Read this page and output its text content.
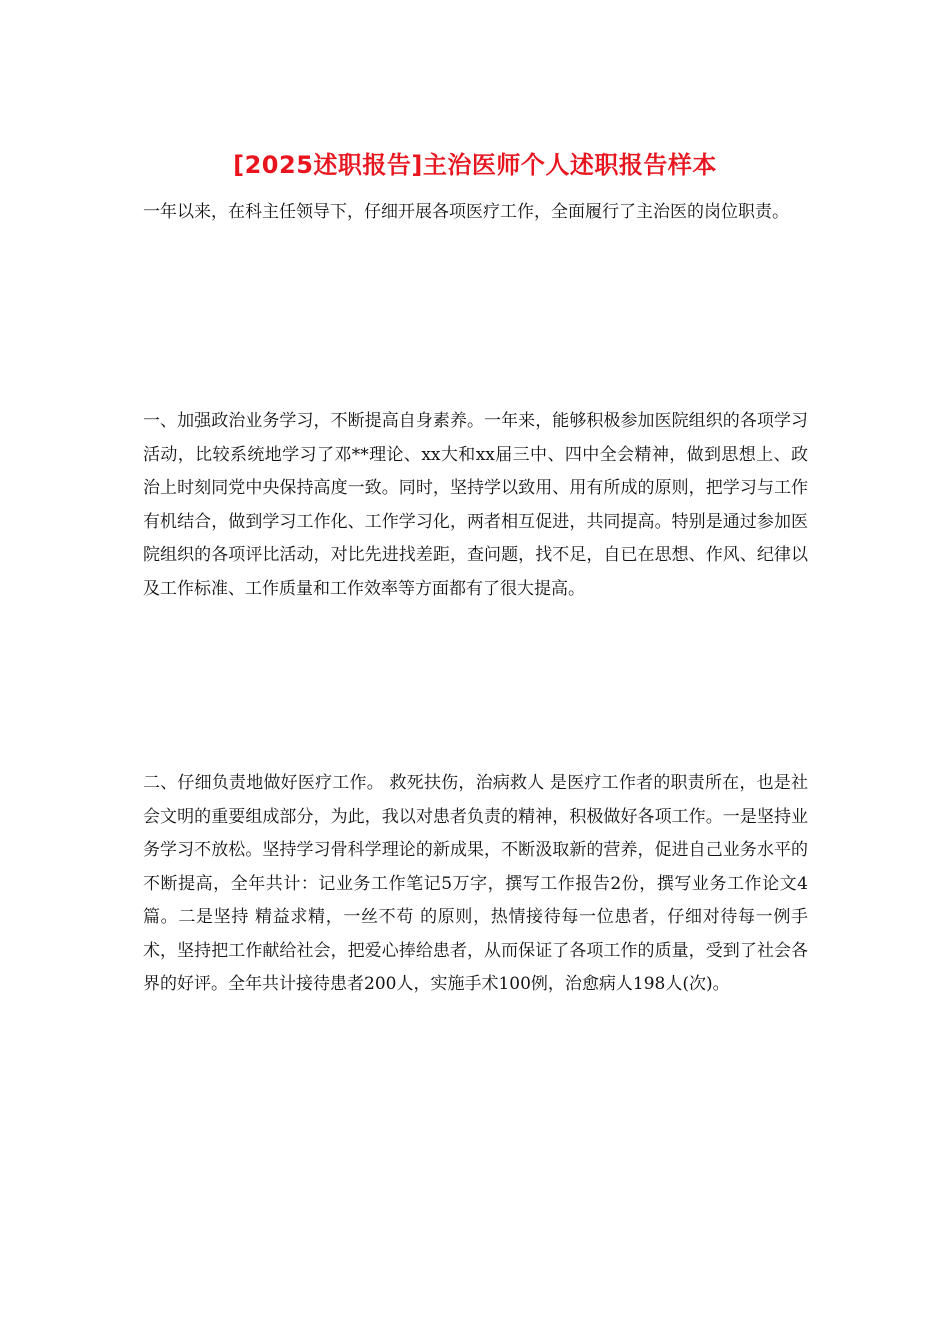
[2025述职报告]主治医师个人述职报告样本

一年以来，在科主任领导下，仔细开展各项医疗工作，全面履行了主治医的岗位职责。

一、加强政治业务学习，不断提高自身素养。一年来，能够积极参加医院组织的各项学习活动，比较系统地学习了邓**理论、xx大和xx届三中、四中全会精神，做到思想上、政治上时刻同党中央保持高度一致。同时，坚持学以致用、用有所成的原则，把学习与工作有机结合，做到学习工作化、工作学习化，两者相互促进，共同提高。特别是通过参加医院组织的各项评比活动，对比先进找差距，查问题，找不足，自已在思想、作风、纪律以及工作标准、工作质量和工作效率等方面都有了很大提高。

二、仔细负责地做好医疗工作。 救死扶伤，治病救人 是医疗工作者的职责所在，也是社会文明的重要组成部分，为此，我以对患者负责的精神，积极做好各项工作。一是坚持业务学习不放松。坚持学习骨科学理论的新成果，不断汲取新的营养，促进自己业务水平的不断提高，全年共计：记业务工作笔记5万字，撰写工作报告2份，撰写业务工作论文4篇。二是坚持 精益求精，一丝不苟 的原则，热情接待每一位患者，仔细对待每一例手术，坚持把工作献给社会，把爱心捧给患者，从而保证了各项工作的质量，受到了社会各界的好评。全年共计接待患者200人，实施手术100例，治愈病人198人(次)。
